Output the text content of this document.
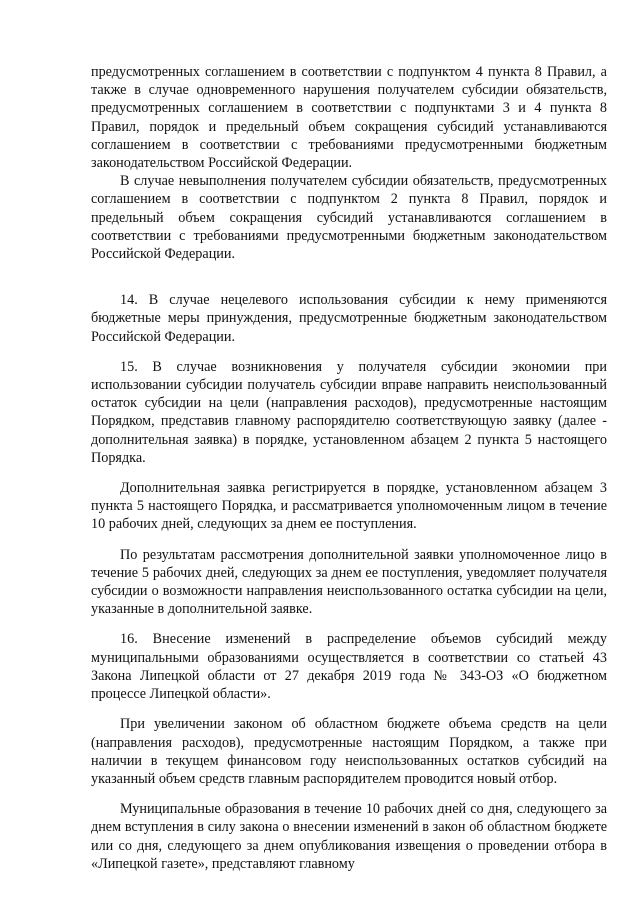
предусмотренных соглашением в соответствии с подпунктом 4 пункта 8 Правил, а также в случае одновременного нарушения получателем субсидии обязательств, предусмотренных соглашением в соответствии с подпунктами 3 и 4 пункта 8 Правил, порядок и предельный объем сокращения субсидий устанавливаются соглашением в соответствии с требованиями предусмотренными бюджетным законодательством Российской Федерации.

В случае невыполнения получателем субсидии обязательств, предусмотренных соглашением в соответствии с подпунктом 2 пункта 8 Правил, порядок и предельный объем сокращения субсидий устанавливаются соглашением в соответствии с требованиями предусмотренными бюджетным законодательством Российской Федерации.

14. В случае нецелевого использования субсидии к нему применяются бюджетные меры принуждения, предусмотренные бюджетным законодательством Российской Федерации.

15. В случае возникновения у получателя субсидии экономии при использовании субсидии получатель субсидии вправе направить неиспользованный остаток субсидии на цели (направления расходов), предусмотренные настоящим Порядком, представив главному распорядителю соответствующую заявку (далее - дополнительная заявка) в порядке, установленном абзацем 2 пункта 5 настоящего Порядка.

Дополнительная заявка регистрируется в порядке, установленном абзацем 3 пункта 5 настоящего Порядка, и рассматривается уполномоченным лицом в течение 10 рабочих дней, следующих за днем ее поступления.

По результатам рассмотрения дополнительной заявки уполномоченное лицо в течение 5 рабочих дней, следующих за днем ее поступления, уведомляет получателя субсидии о возможности направления неиспользованного остатка субсидии на цели, указанные в дополнительной заявке.

16. Внесение изменений в распределение объемов субсидий между муниципальными образованиями осуществляется в соответствии со статьей 43 Закона Липецкой области от 27 декабря 2019 года № 343-ОЗ «О бюджетном процессе Липецкой области».

При увеличении законом об областном бюджете объема средств на цели (направления расходов), предусмотренные настоящим Порядком, а также при наличии в текущем финансовом году неиспользованных остатков субсидий на указанный объем средств главным распорядителем проводится новый отбор.

Муниципальные образования в течение 10 рабочих дней со дня, следующего за днем вступления в силу закона о внесении изменений в закон об областном бюджете или со дня, следующего за днем опубликования извещения о проведении отбора в «Липецкой газете», представляют главному
